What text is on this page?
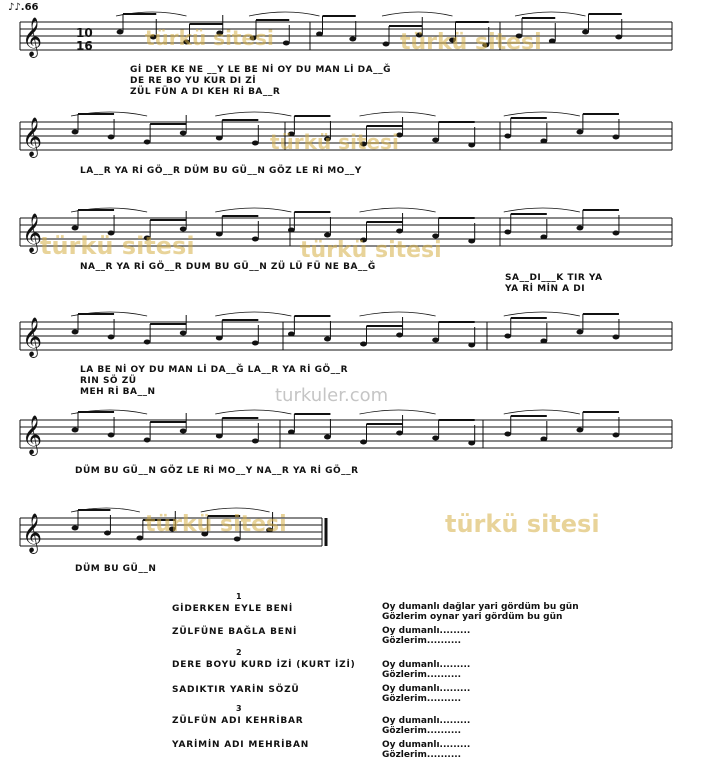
𝄞
𝄞
𝄞
𝄞
𝄞
𝄞
♪♪.66
10
16	türkü sitesi	türkü sitesi
türkü sitesi
türkü sitesi	türkü sitesi
turkuler.com
türkü sitesi	türkü sitesi
Gİ DER KE NE __Y LE BE Nİ OY DU MAN Lİ DA__Ğ
DE RE BO YU KUR DI Zİ
ZÜL FÜN A DI KEH Rİ BA__R
LA__R YA Rİ GÖ__R DÜM BU GÜ__N GÖZ LE Rİ MO__Y
NA__R YA Rİ GÖ__R DUM BU GÜ__N ZÜ LÜ FÜ NE BA__Ğ
SA__DI___K TIR YA
YA Rİ MİN A DI
LA BE Nİ OY DU MAN Lİ DA__Ğ LA__R YA Rİ GÖ__R
RIN SÖ ZÜ
MEH Rİ BA__N
DÜM BU GÜ__N GÖZ LE Rİ MO__Y NA__R YA Rİ GÖ__R
DÜM BU GÜ__N
1
GİDERKEN EYLE BENİ
ZÜLFÜNE BAĞLA BENİ
Oy dumanlı dağlar yari gördüm bu gün
Gözlerim oynar yari gördüm bu gün
Oy dumanlı.........
Gözlerim..........
2
DERE BOYU KURD İZİ (KURT İZİ)
SADIKTIR YARİN SÖZÜ
Oy dumanlı.........
Gözlerim..........
Oy dumanlı.........
Gözlerim..........
3
ZÜLFÜN ADI KEHRİBAR
YARİMİN ADI MEHRİBAN
Oy dumanlı.........
Gözlerim..........
Oy dumanlı.........
Gözlerim..........
